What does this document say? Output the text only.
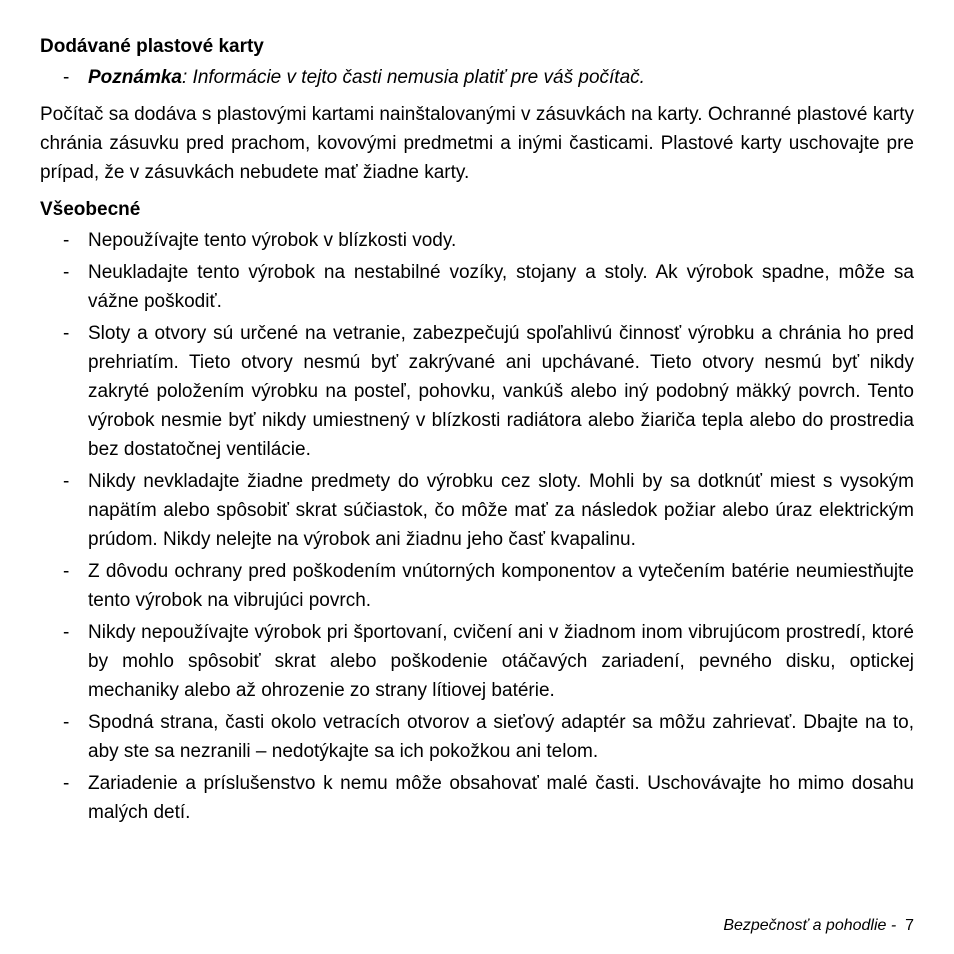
Dodávané plastové karty
- Poznámka: Informácie v tejto časti nemusia platiť pre váš počítač.

Počítač sa dodáva s plastovými kartami nainštalovanými v zásuvkách na karty. Ochranné plastové karty chránia zásuvku pred prachom, kovovými predmetmi a inými časticami. Plastové karty uschovajte pre prípad, že v zásuvkách nebudete mať žiadne karty.

Všeobecné
- Nepoužívajte tento výrobok v blízkosti vody.
- Neukladajte tento výrobok na nestabilné vozíky, stojany a stoly. Ak výrobok spadne, môže sa vážne poškodiť.
- Sloty a otvory sú určené na vetranie, zabezpečujú spoľahlivú činnosť výrobku a chránia ho pred prehriatím. Tieto otvory nesmú byť zakrývané ani upchávané. Tieto otvory nesmú byť nikdy zakryté položením výrobku na posteľ, pohovku, vankúš alebo iný podobný mäkký povrch. Tento výrobok nesmie byť nikdy umiestnený v blízkosti radiátora alebo žiariča tepla alebo do prostredia bez dostatočnej ventilácie.
- Nikdy nevkladajte žiadne predmety do výrobku cez sloty. Mohli by sa dotknúť miest s vysokým napätím alebo spôsobiť skrat súčiastok, čo môže mať za následok požiar alebo úraz elektrickým prúdom. Nikdy nelejte na výrobok ani žiadnu jeho časť kvapalinu.
- Z dôvodu ochrany pred poškodením vnútorných komponentov a vytečením batérie neumiestňujte tento výrobok na vibrujúci povrch.
- Nikdy nepoužívajte výrobok pri športovaní, cvičení ani v žiadnom inom vibrujúcom prostredí, ktoré by mohlo spôsobiť skrat alebo poškodenie otáčavých zariadení, pevného disku, optickej mechaniky alebo až ohrozenie zo strany lítiovej batérie.
- Spodná strana, časti okolo vetracích otvorov a sieťový adaptér sa môžu zahrievať. Dbajte na to, aby ste sa nezranili – nedotýkajte sa ich pokožkou ani telom.
- Zariadenie a príslušenstvo k nemu môže obsahovať malé časti. Uschovávajte ho mimo dosahu malých detí.
Bezpečnosť a pohodlie - 7
